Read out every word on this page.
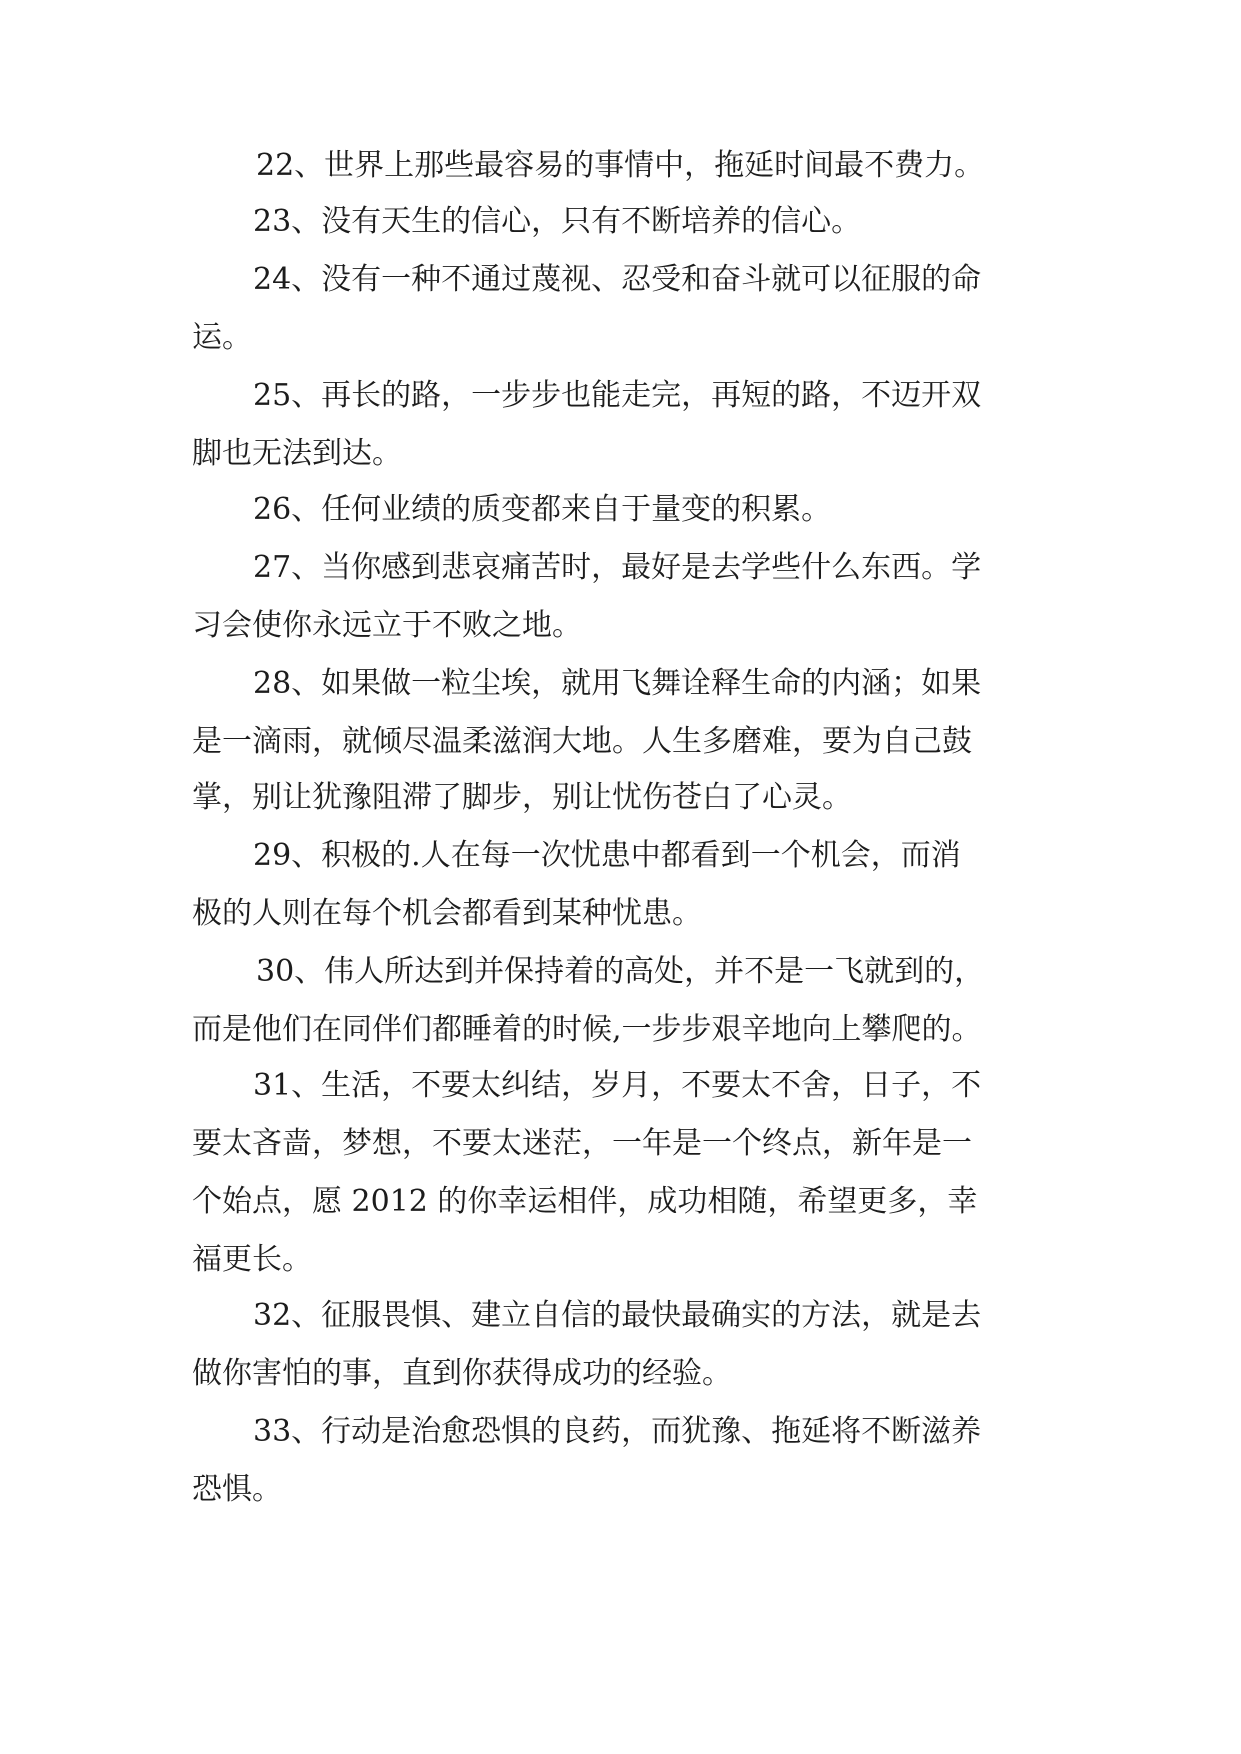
22、世界上那些最容易的事情中，拖延时间最不费力。

23、没有天生的信心，只有不断培养的信心。

24、没有一种不通过蔑视、忍受和奋斗就可以征服的命

运。

25、再长的路，一步步也能走完，再短的路，不迈开双

脚也无法到达。

26、任何业绩的质变都来自于量变的积累。

27、当你感到悲哀痛苦时，最好是去学些什么东西。学

习会使你永远立于不败之地。

28、如果做一粒尘埃，就用飞舞诠释生命的内涵；如果

是一滴雨，就倾尽温柔滋润大地。人生多磨难，要为自己鼓

掌，别让犹豫阻滞了脚步，别让忧伤苍白了心灵。

29、积极的.人在每一次忧患中都看到一个机会，而消

极的人则在每个机会都看到某种忧患。

30、伟人所达到并保持着的高处，并不是一飞就到的，

而是他们在同伴们都睡着的时候,一步步艰辛地向上攀爬的。

31、生活，不要太纠结，岁月，不要太不舍，日子，不

要太吝啬，梦想，不要太迷茫，一年是一个终点，新年是一

个始点，愿 2012 的你幸运相伴，成功相随，希望更多，幸

福更长。

32、征服畏惧、建立自信的最快最确实的方法，就是去

做你害怕的事，直到你获得成功的经验。

33、行动是治愈恐惧的良药，而犹豫、拖延将不断滋养

恐惧。
